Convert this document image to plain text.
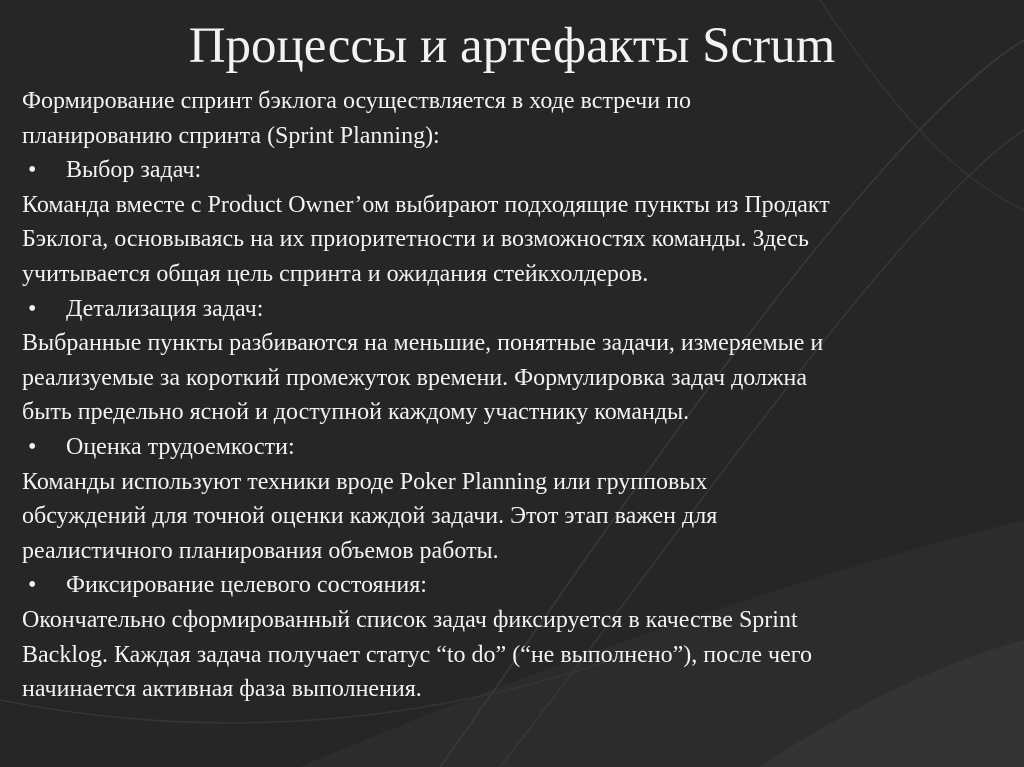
Процессы и артефакты Scrum
Формирование спринт бэклога осуществляется в ходе встречи по
планированию спринта (Sprint Planning):
• Выбор задач:
Команда вместе с Product Owner’ом выбирают подходящие пункты из Продакт
Бэклога, основываясь на их приоритетности и возможностях команды. Здесь
учитывается общая цель спринта и ожидания стейкхолдеров.
• Детализация задач:
Выбранные пункты разбиваются на меньшие, понятные задачи, измеряемые и
реализуемые за короткий промежуток времени. Формулировка задач должна
быть предельно ясной и доступной каждому участнику команды.
• Оценка трудоемкости:
Команды используют техники вроде Poker Planning или групповых
обсуждений для точной оценки каждой задачи. Этот этап важен для
реалистичного планирования объемов работы.
• Фиксирование целевого состояния:
Окончательно сформированный список задач фиксируется в качестве Sprint
Backlog. Каждая задача получает статус “to do” (“не выполнено”), после чего
начинается активная фаза выполнения.
